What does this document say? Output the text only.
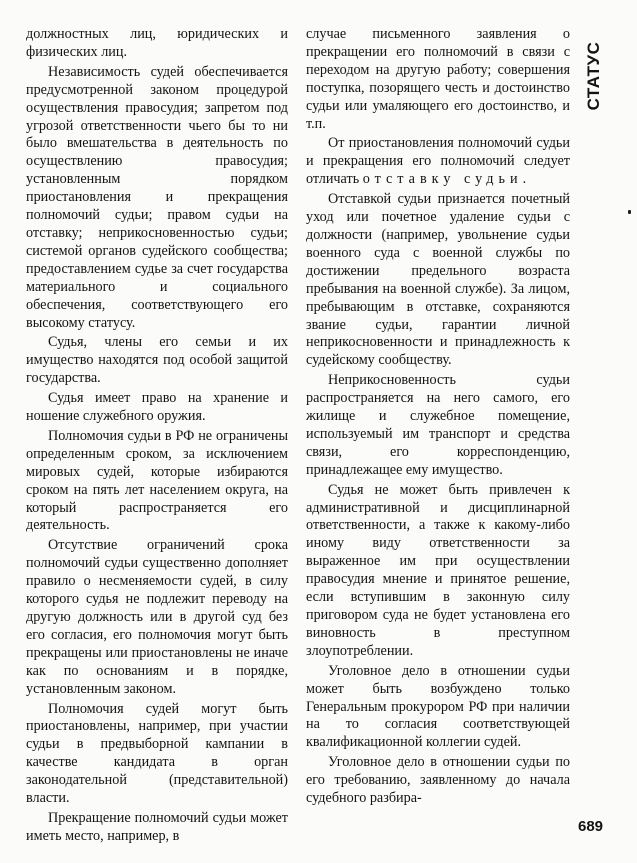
СТАТУС

должностных лиц, юридических и физических лиц.

Независимость судей обеспечивается предусмотренной законом процедурой осуществления правосудия; запретом под угрозой ответственности чьего бы то ни было вмешательства в деятельность по осуществлению правосудия; установленным порядком приостановления и прекращения полномочий судьи; правом судьи на отставку; неприкосновенностью судьи; системой органов судейского сообщества; предоставлением судье за счет государства материального и социального обеспечения, соответствующего его высокому статусу.

Судья, члены его семьи и их имущество находятся под особой защитой государства.

Судья имеет право на хранение и ношение служебного оружия.

Полномочия судьи в РФ не ограничены определенным сроком, за исключением мировых судей, которые избираются сроком на пять лет населением округа, на который распространяется его деятельность.

Отсутствие ограничений срока полномочий судьи существенно дополняет правило о несменяемости судей, в силу которого судья не подлежит переводу на другую должность или в другой суд без его согласия, его полномочия могут быть прекращены или приостановлены не иначе как по основаниям и в порядке, установленным законом.

Полномочия судей могут быть приостановлены, например, при участии судьи в предвыборной кампании в качестве кандидата в орган законодательной (представительной) власти.

Прекращение полномочий судьи может иметь место, например, в

случае письменного заявления о прекращении его полномочий в связи с переходом на другую работу; совершения поступка, позорящего честь и достоинство судьи или умаляющего его достоинство, и т.п.

От приостановления полномочий судьи и прекращения его полномочий следует отличать отставку судьи.

Отставкой судьи признается почетный уход или почетное удаление судьи с должности (например, увольнение судьи военного суда с военной службы по достижении предельного возраста пребывания на военной службе). За лицом, пребывающим в отставке, сохраняются звание судьи, гарантии личной неприкосновенности и принадлежность к судейскому сообществу.

Неприкосновенность судьи распространяется на него самого, его жилище и служебное помещение, используемый им транспорт и средства связи, его корреспонденцию, принадлежащее ему имущество.

Судья не может быть привлечен к административной и дисциплинарной ответственности, а также к какому-либо иному виду ответственности за выраженное им при осуществлении правосудия мнение и принятое решение, если вступившим в законную силу приговором суда не будет установлена его виновность в преступном злоупотреблении.

Уголовное дело в отношении судьи может быть возбуждено только Генеральным прокурором РФ при наличии на то согласия соответствующей квалификационной коллегии судей.

Уголовное дело в отношении судьи по его требованию, заявленному до начала судебного разбира-

689
